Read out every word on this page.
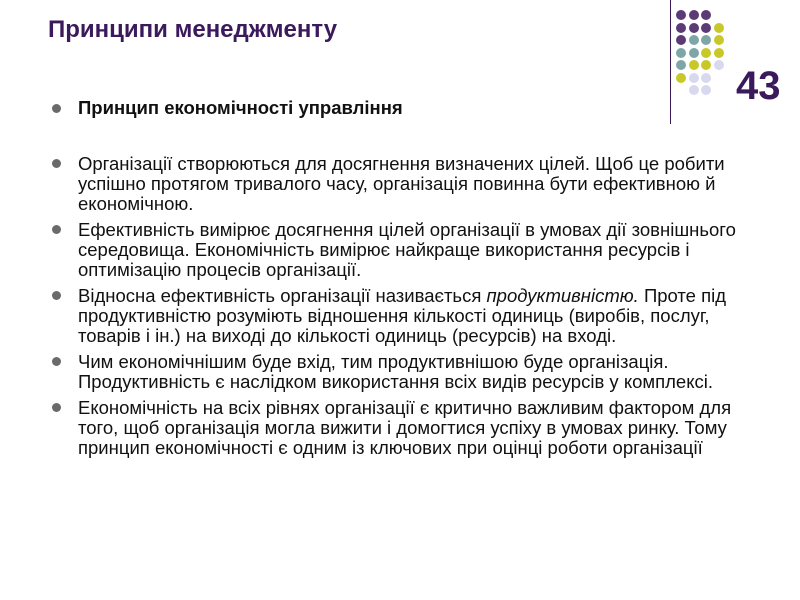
Принципи менеджменту
43
Принцип економічності управління
Організації створюються для досягнення визначених цілей. Щоб це робити успішно протягом тривалого часу, організація повинна бути ефективною й економічною.
Ефективність вимірює досягнення цілей організації в умовах дії зовнішнього середовища. Економічність вимірює найкраще використання ресурсів і оптимізацію процесів організації.
Відносна ефективність організації називається продуктивністю. Проте під продуктивністю розуміють відношення кількості одиниць (виробів, послуг, товарів і ін.) на виході до кількості одиниць (ресурсів) на вході.
Чим економічнішим буде вхід, тим продуктивнішою буде організація. Продуктивність є наслідком використання всіх видів ресурсів у комплексі.
Економічність на всіх рівнях організації є критично важливим фактором для того, щоб організація могла вижити і домогтися успіху в умовах ринку. Тому принцип економічності є одним із ключових при оцінці роботи організації
